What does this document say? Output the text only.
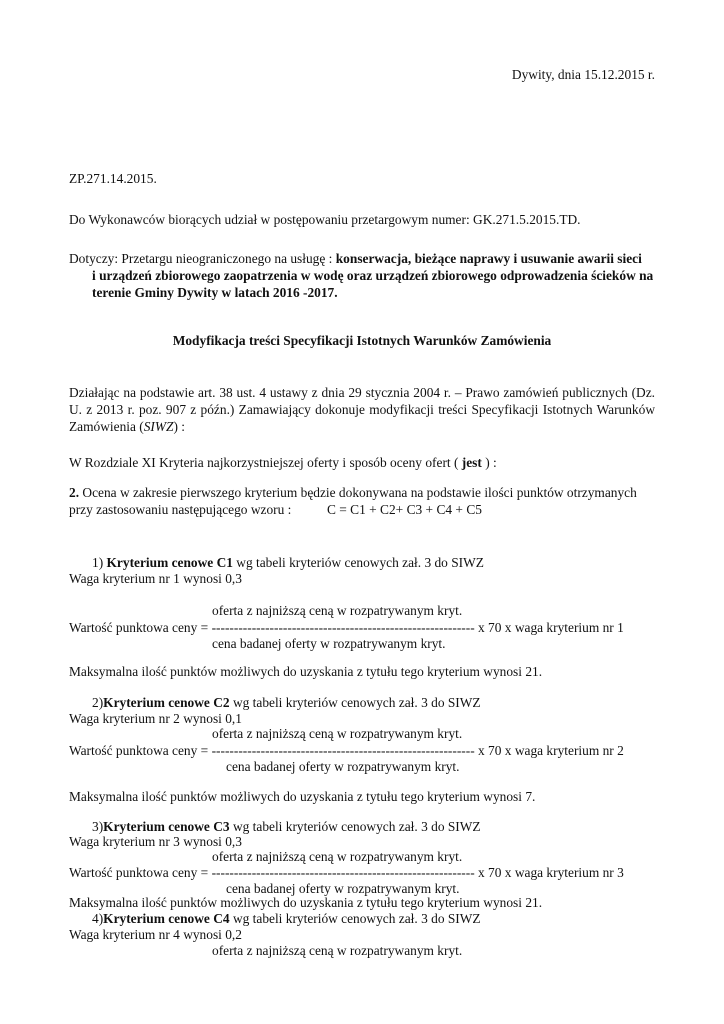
Dywity, dnia 15.12.2015 r.
ZP.271.14.2015.
Do Wykonawców biorących udział w postępowaniu przetargowym numer: GK.271.5.2015.TD.
Dotyczy: Przetargu nieograniczonego na usługę : konserwacja, bieżące naprawy i usuwanie awarii sieci
i urządzeń zbiorowego zaopatrzenia w wodę oraz urządzeń zbiorowego odprowadzenia ścieków na
terenie Gminy Dywity w latach 2016 -2017.
Modyfikacja treści Specyfikacji Istotnych Warunków Zamówienia
Działając na podstawie art. 38 ust. 4 ustawy z dnia 29 stycznia 2004 r. – Prawo zamówień publicznych (Dz.
U. z 2013 r. poz. 907 z późn.) Zamawiający dokonuje modyfikacji treści Specyfikacji Istotnych Warunków
Zamówienia (SIWZ) :
W Rozdziale XI Kryteria najkorzystniejszej oferty i sposób oceny ofert ( jest ) :
2. Ocena w zakresie pierwszego kryterium będzie dokonywana na podstawie ilości punktów otrzymanych
przy zastosowaniu następującego wzoru :	C = C1 + C2+ C3 + C4 + C5
1) Kryterium cenowe C1 wg tabeli kryteriów cenowych zał. 3 do SIWZ
Waga kryterium nr 1 wynosi 0,3
oferta z najniższą ceną w rozpatrywanym kryt.
Wartość punktowa ceny = ----------------------------------------------------------- x 70 x waga kryterium nr 1
cena badanej oferty w rozpatrywanym kryt.
Maksymalna ilość punktów możliwych do uzyskania z tytułu tego kryterium wynosi 21.
2)Kryterium cenowe C2 wg tabeli kryteriów cenowych zał. 3 do SIWZ
Waga kryterium nr 2 wynosi 0,1
oferta z najniższą ceną w rozpatrywanym kryt.
Wartość punktowa ceny = ----------------------------------------------------------- x 70 x waga kryterium nr 2
cena badanej oferty w rozpatrywanym kryt.
Maksymalna ilość punktów możliwych do uzyskania z tytułu tego kryterium wynosi 7.
3)Kryterium cenowe C3 wg tabeli kryteriów cenowych zał. 3 do SIWZ
Waga kryterium nr 3 wynosi 0,3
oferta z najniższą ceną w rozpatrywanym kryt.
Wartość punktowa ceny = ----------------------------------------------------------- x 70 x waga kryterium nr 3
cena badanej oferty w rozpatrywanym kryt.
Maksymalna ilość punktów możliwych do uzyskania z tytułu tego kryterium wynosi 21.
4)Kryterium cenowe C4 wg tabeli kryteriów cenowych zał. 3 do SIWZ
Waga kryterium nr 4 wynosi 0,2
oferta z najniższą ceną w rozpatrywanym kryt.
